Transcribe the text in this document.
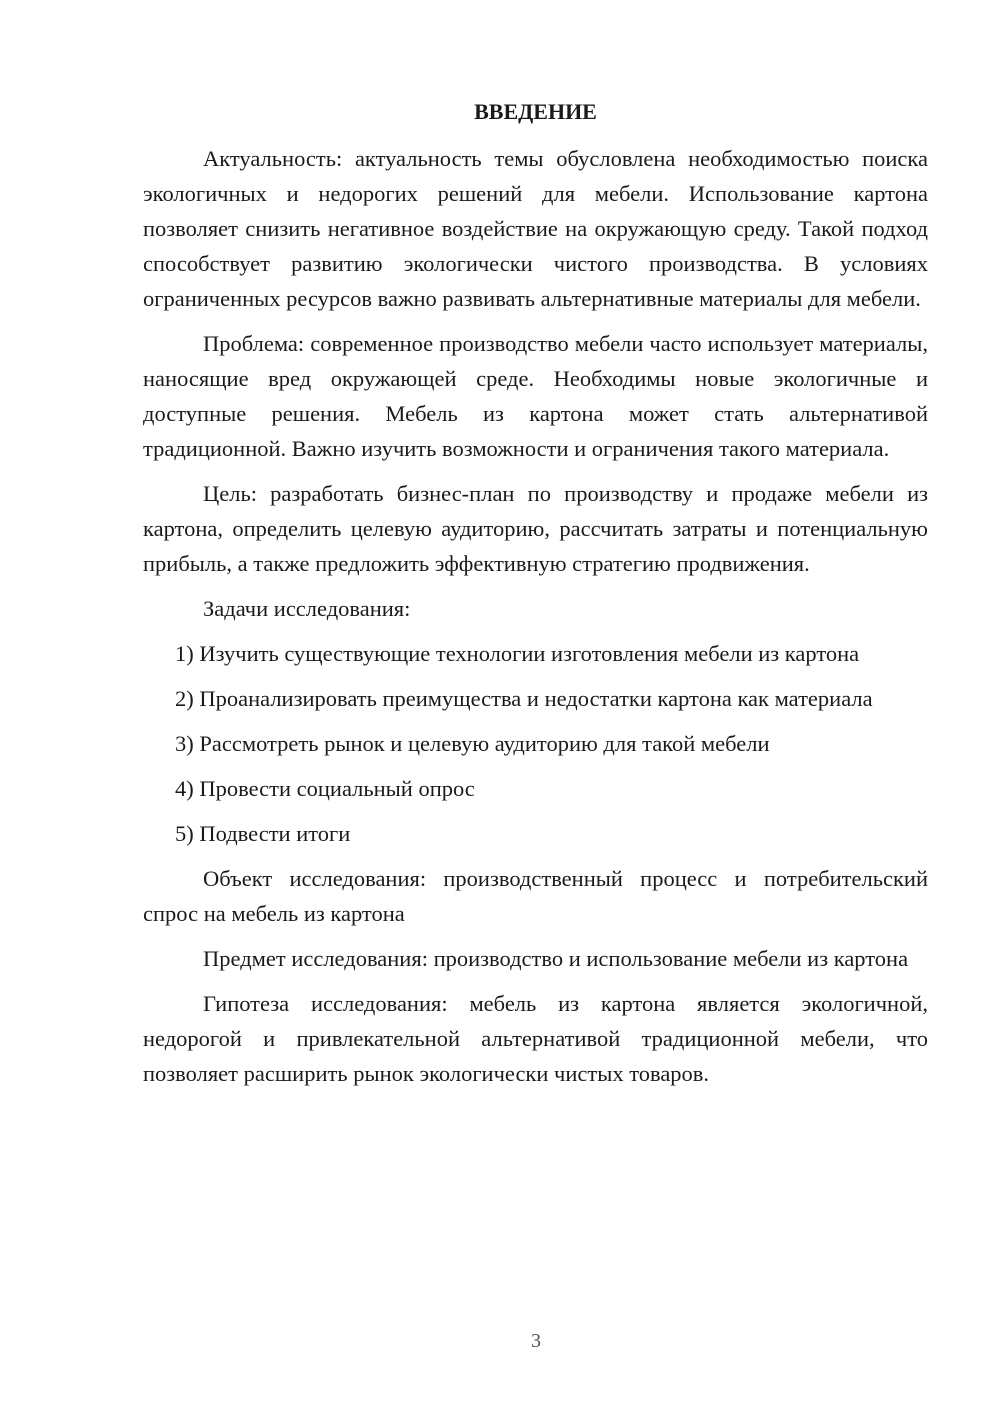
ВВЕДЕНИЕ

Актуальность: актуальность темы обусловлена необходимостью поиска экологичных и недорогих решений для мебели. Использование картона позволяет снизить негативное воздействие на окружающую среду. Такой подход способствует развитию экологически чистого производства. В условиях ограниченных ресурсов важно развивать альтернативные материалы для мебели.

Проблема: современное производство мебели часто использует материалы, наносящие вред окружающей среде. Необходимы новые экологичные и доступные решения. Мебель из картона может стать альтернативой традиционной. Важно изучить возможности и ограничения такого материала.

Цель: разработать бизнес-план по производству и продаже мебели из картона, определить целевую аудиторию, рассчитать затраты и потенциальную прибыль, а также предложить эффективную стратегию продвижения.

Задачи исследования:

1) Изучить существующие технологии изготовления мебели из картона

2) Проанализировать преимущества и недостатки картона как материала

3) Рассмотреть рынок и целевую аудиторию для такой мебели

4) Провести социальный опрос

5) Подвести итоги

Объект исследования: производственный процесс и потребительский спрос на мебель из картона

Предмет исследования: производство и использование мебели из картона

Гипотеза исследования: мебель из картона является экологичной, недорогой и привлекательной альтернативой традиционной мебели, что позволяет расширить рынок экологически чистых товаров.

3
